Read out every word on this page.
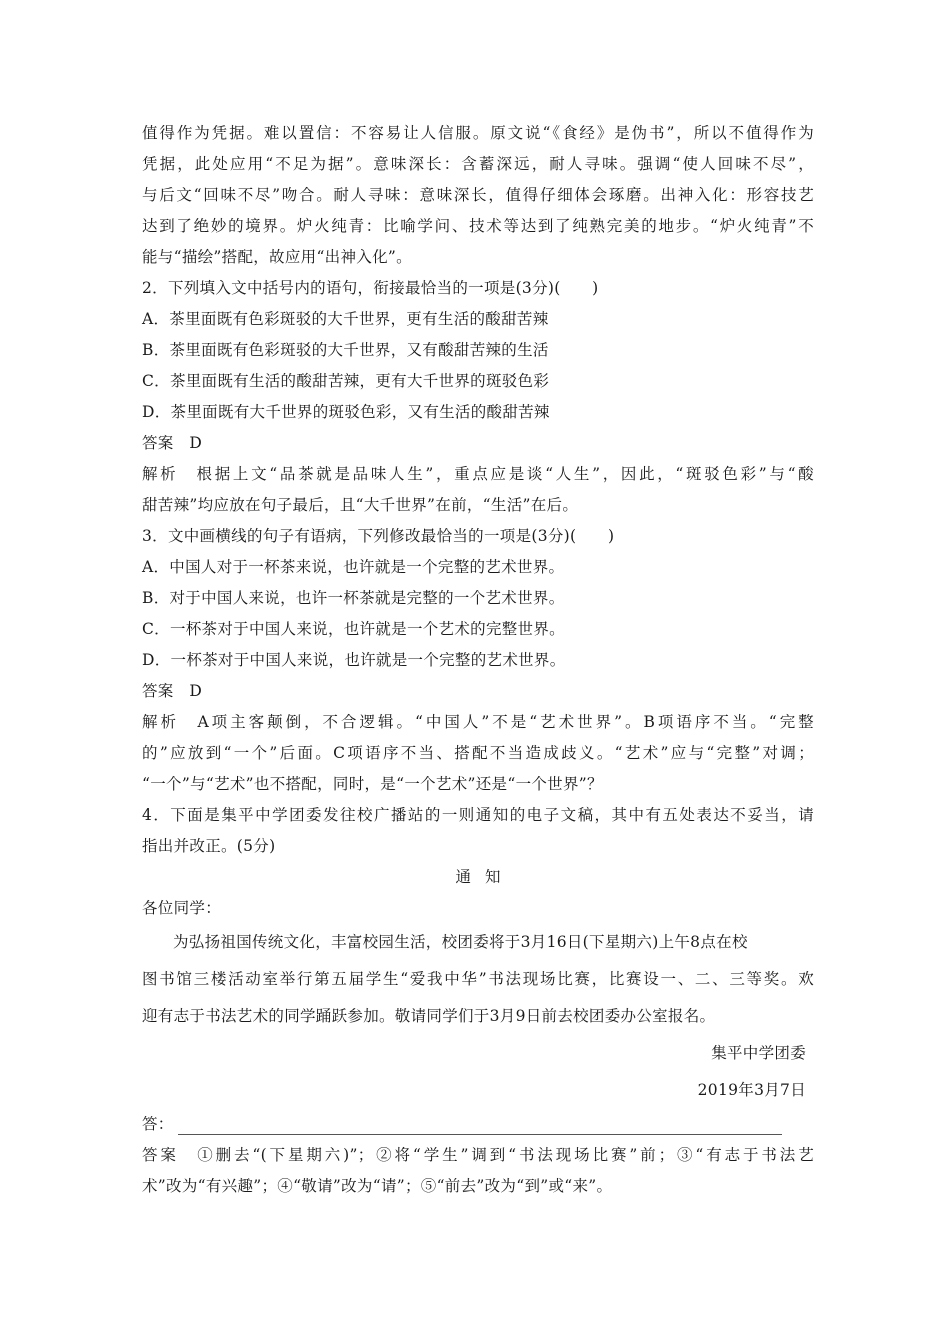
值得作为凭据。难以置信：不容易让人信服。原文说“《食经》是伪书”，所以不值得作为
凭据，此处应用“不足为据”。意味深长：含蓄深远，耐人寻味。强调“使人回味不尽”，
与后文“回味不尽”吻合。耐人寻味：意味深长，值得仔细体会琢磨。出神入化：形容技艺
达到了绝妙的境界。炉火纯青：比喻学问、技术等达到了纯熟完美的地步。“炉火纯青”不
能与“描绘”搭配，故应用“出神入化”。
2．下列填入文中括号内的语句，衔接最恰当的一项是(3分)(　　)
A．茶里面既有色彩斑驳的大千世界，更有生活的酸甜苦辣
B．茶里面既有色彩斑驳的大千世界，又有酸甜苦辣的生活
C．茶里面既有生活的酸甜苦辣，更有大千世界的斑驳色彩
D．茶里面既有大千世界的斑驳色彩，又有生活的酸甜苦辣
答案　D
解析　根据上文“品茶就是品味人生”，重点应是谈“人生”，因此，“斑驳色彩”与“酸
甜苦辣”均应放在句子最后，且“大千世界”在前，“生活”在后。
3．文中画横线的句子有语病，下列修改最恰当的一项是(3分)(　　)
A．中国人对于一杯茶来说，也许就是一个完整的艺术世界。
B．对于中国人来说，也许一杯茶就是完整的一个艺术世界。
C．一杯茶对于中国人来说，也许就是一个艺术的完整世界。
D．一杯茶对于中国人来说，也许就是一个完整的艺术世界。
答案　D
解析　A项主客颠倒，不合逻辑。“中国人”不是“艺术世界”。B项语序不当。“完整
的”应放到“一个”后面。C项语序不当、搭配不当造成歧义。“艺术”应与“完整”对调；
“一个”与“艺术”也不搭配，同时，是“一个艺术”还是“一个世界”？
4．下面是集平中学团委发往校广播站的一则通知的电子文稿，其中有五处表达不妥当，请
指出并改正。(5分)
通知
各位同学：
为弘扬祖国传统文化，丰富校园生活，校团委将于3月16日(下星期六)上午8点在校
图书馆三楼活动室举行第五届学生“爱我中华”书法现场比赛，比赛设一、二、三等奖。欢
迎有志于书法艺术的同学踊跃参加。敬请同学们于3月9日前去校团委办公室报名。
集平中学团委
2019年3月7日
答：
答案　①删去“(下星期六)”；②将“学生”调到“书法现场比赛”前；③“有志于书法艺
术”改为“有兴趣”；④“敬请”改为“请”；⑤“前去”改为“到”或“来”。
